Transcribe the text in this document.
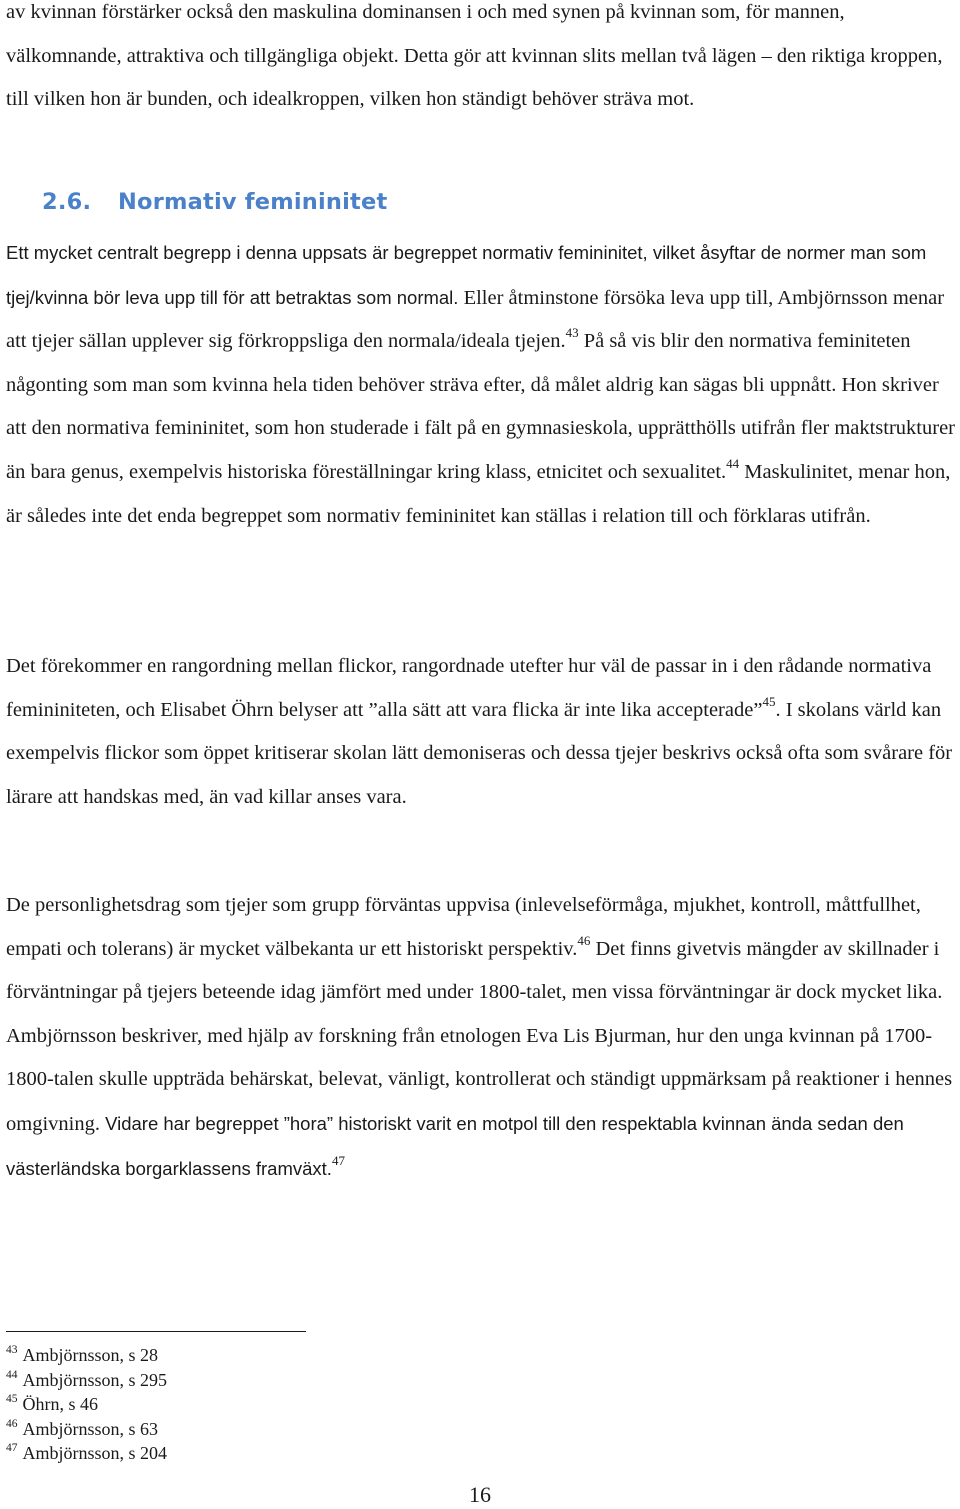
av kvinnan förstärker också den maskulina dominansen i och med synen på kvinnan som, för mannen, välkomnande, attraktiva och tillgängliga objekt. Detta gör att kvinnan slits mellan två lägen – den riktiga kroppen, till vilken hon är bunden, och idealkroppen, vilken hon ständigt behöver sträva mot.

2.6. Normativ femininitet

Ett mycket centralt begrepp i denna uppsats är begreppet normativ femininitet, vilket åsyftar de normer man som tjej/kvinna bör leva upp till för att betraktas som normal. Eller åtminstone försöka leva upp till, Ambjörnsson menar att tjejer sällan upplever sig förkroppsliga den normala/ideala tjejen.$^{43}$ På så vis blir den normativa feminiteten någonting som man som kvinna hela tiden behöver sträva efter, då målet aldrig kan sägas bli uppnått. Hon skriver att den normativa femininitet, som hon studerade i fält på en gymnasieskola, upprätthölls utifrån fler maktstrukturer än bara genus, exempelvis historiska föreställningar kring klass, etnicitet och sexualitet.$^{44}$ Maskulinitet, menar hon, är således inte det enda begreppet som normativ femininitet kan ställas i relation till och förklaras utifrån.

Det förekommer en rangordning mellan flickor, rangordnade utefter hur väl de passar in i den rådande normativa femininiteten, och Elisabet Öhrn belyser att ”alla sätt att vara flicka är inte lika accepterade”$^{45}$. I skolans värld kan exempelvis flickor som öppet kritiserar skolan lätt demoniseras och dessa tjejer beskrivs också ofta som svårare för lärare att handskas med, än vad killar anses vara.

De personlighetsdrag som tjejer som grupp förväntas uppvisa (inlevelseförmåga, mjukhet, kontroll, måttfullhet, empati och tolerans) är mycket välbekanta ur ett historiskt perspektiv.$^{46}$ Det finns givetvis mängder av skillnader i förväntningar på tjejers beteende idag jämfört med under 1800-talet, men vissa förväntningar är dock mycket lika. Ambjörnsson beskriver, med hjälp av forskning från etnologen Eva Lis Bjurman, hur den unga kvinnan på 1700-1800-talen skulle uppträda behärskat, belevat, vänligt, kontrollerat och ständigt uppmärksam på reaktioner i hennes omgivning. Vidare har begreppet ”hora” historiskt varit en motpol till den respektabla kvinnan ända sedan den västerländska borgarklassens framväxt.$^{47}$

$^{43}$ Ambjörnsson, s 28
$^{44}$ Ambjörnsson, s 295
$^{45}$ Öhrn, s 46
$^{46}$ Ambjörnsson, s 63
$^{47}$ Ambjörnsson, s 204
16
